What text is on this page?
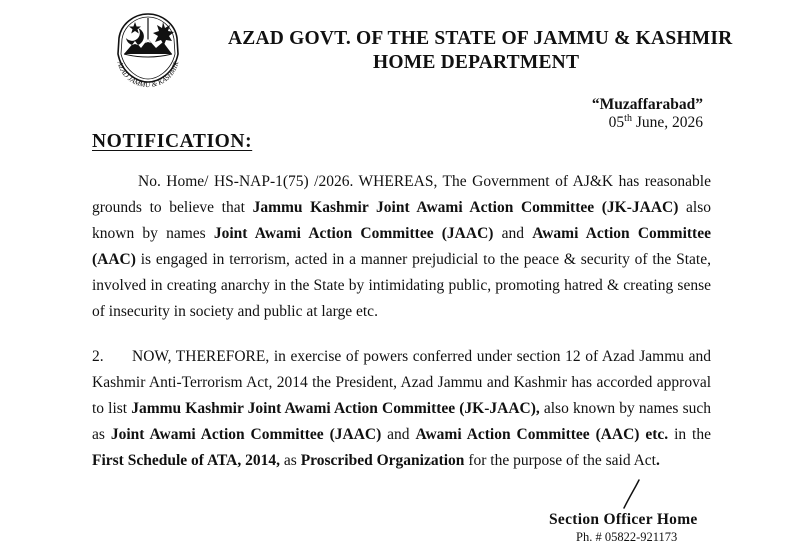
AZAD JAMMU & KASHMIR
AZAD GOVT. OF THE STATE OF JAMMU & KASHMIR
HOME DEPARTMENT
“Muzaffarabad”
05th June, 2026
NOTIFICATION:
No. Home/ HS-NAP-1(75) /2026. WHEREAS, The Government of AJ&K has reasonable grounds to believe that Jammu Kashmir Joint Awami Action Committee (JK-JAAC) also known by names Joint Awami Action Committee (JAAC) and Awami Action Committee (AAC) is engaged in terrorism, acted in a manner prejudicial to the peace & security of the State, involved in creating anarchy in the State by intimidating public, promoting hatred & creating sense of insecurity in society and public at large etc.
2. NOW, THEREFORE, in exercise of powers conferred under section 12 of Azad Jammu and Kashmir Anti-Terrorism Act, 2014 the President, Azad Jammu and Kashmir has accorded approval to list Jammu Kashmir Joint Awami Action Committee (JK-JAAC), also known by names such as Joint Awami Action Committee (JAAC) and Awami Action Committee (AAC) etc. in the First Schedule of ATA, 2014, as Proscribed Organization for the purpose of the said Act.
Section Officer Home
Ph. # 05822-921173
